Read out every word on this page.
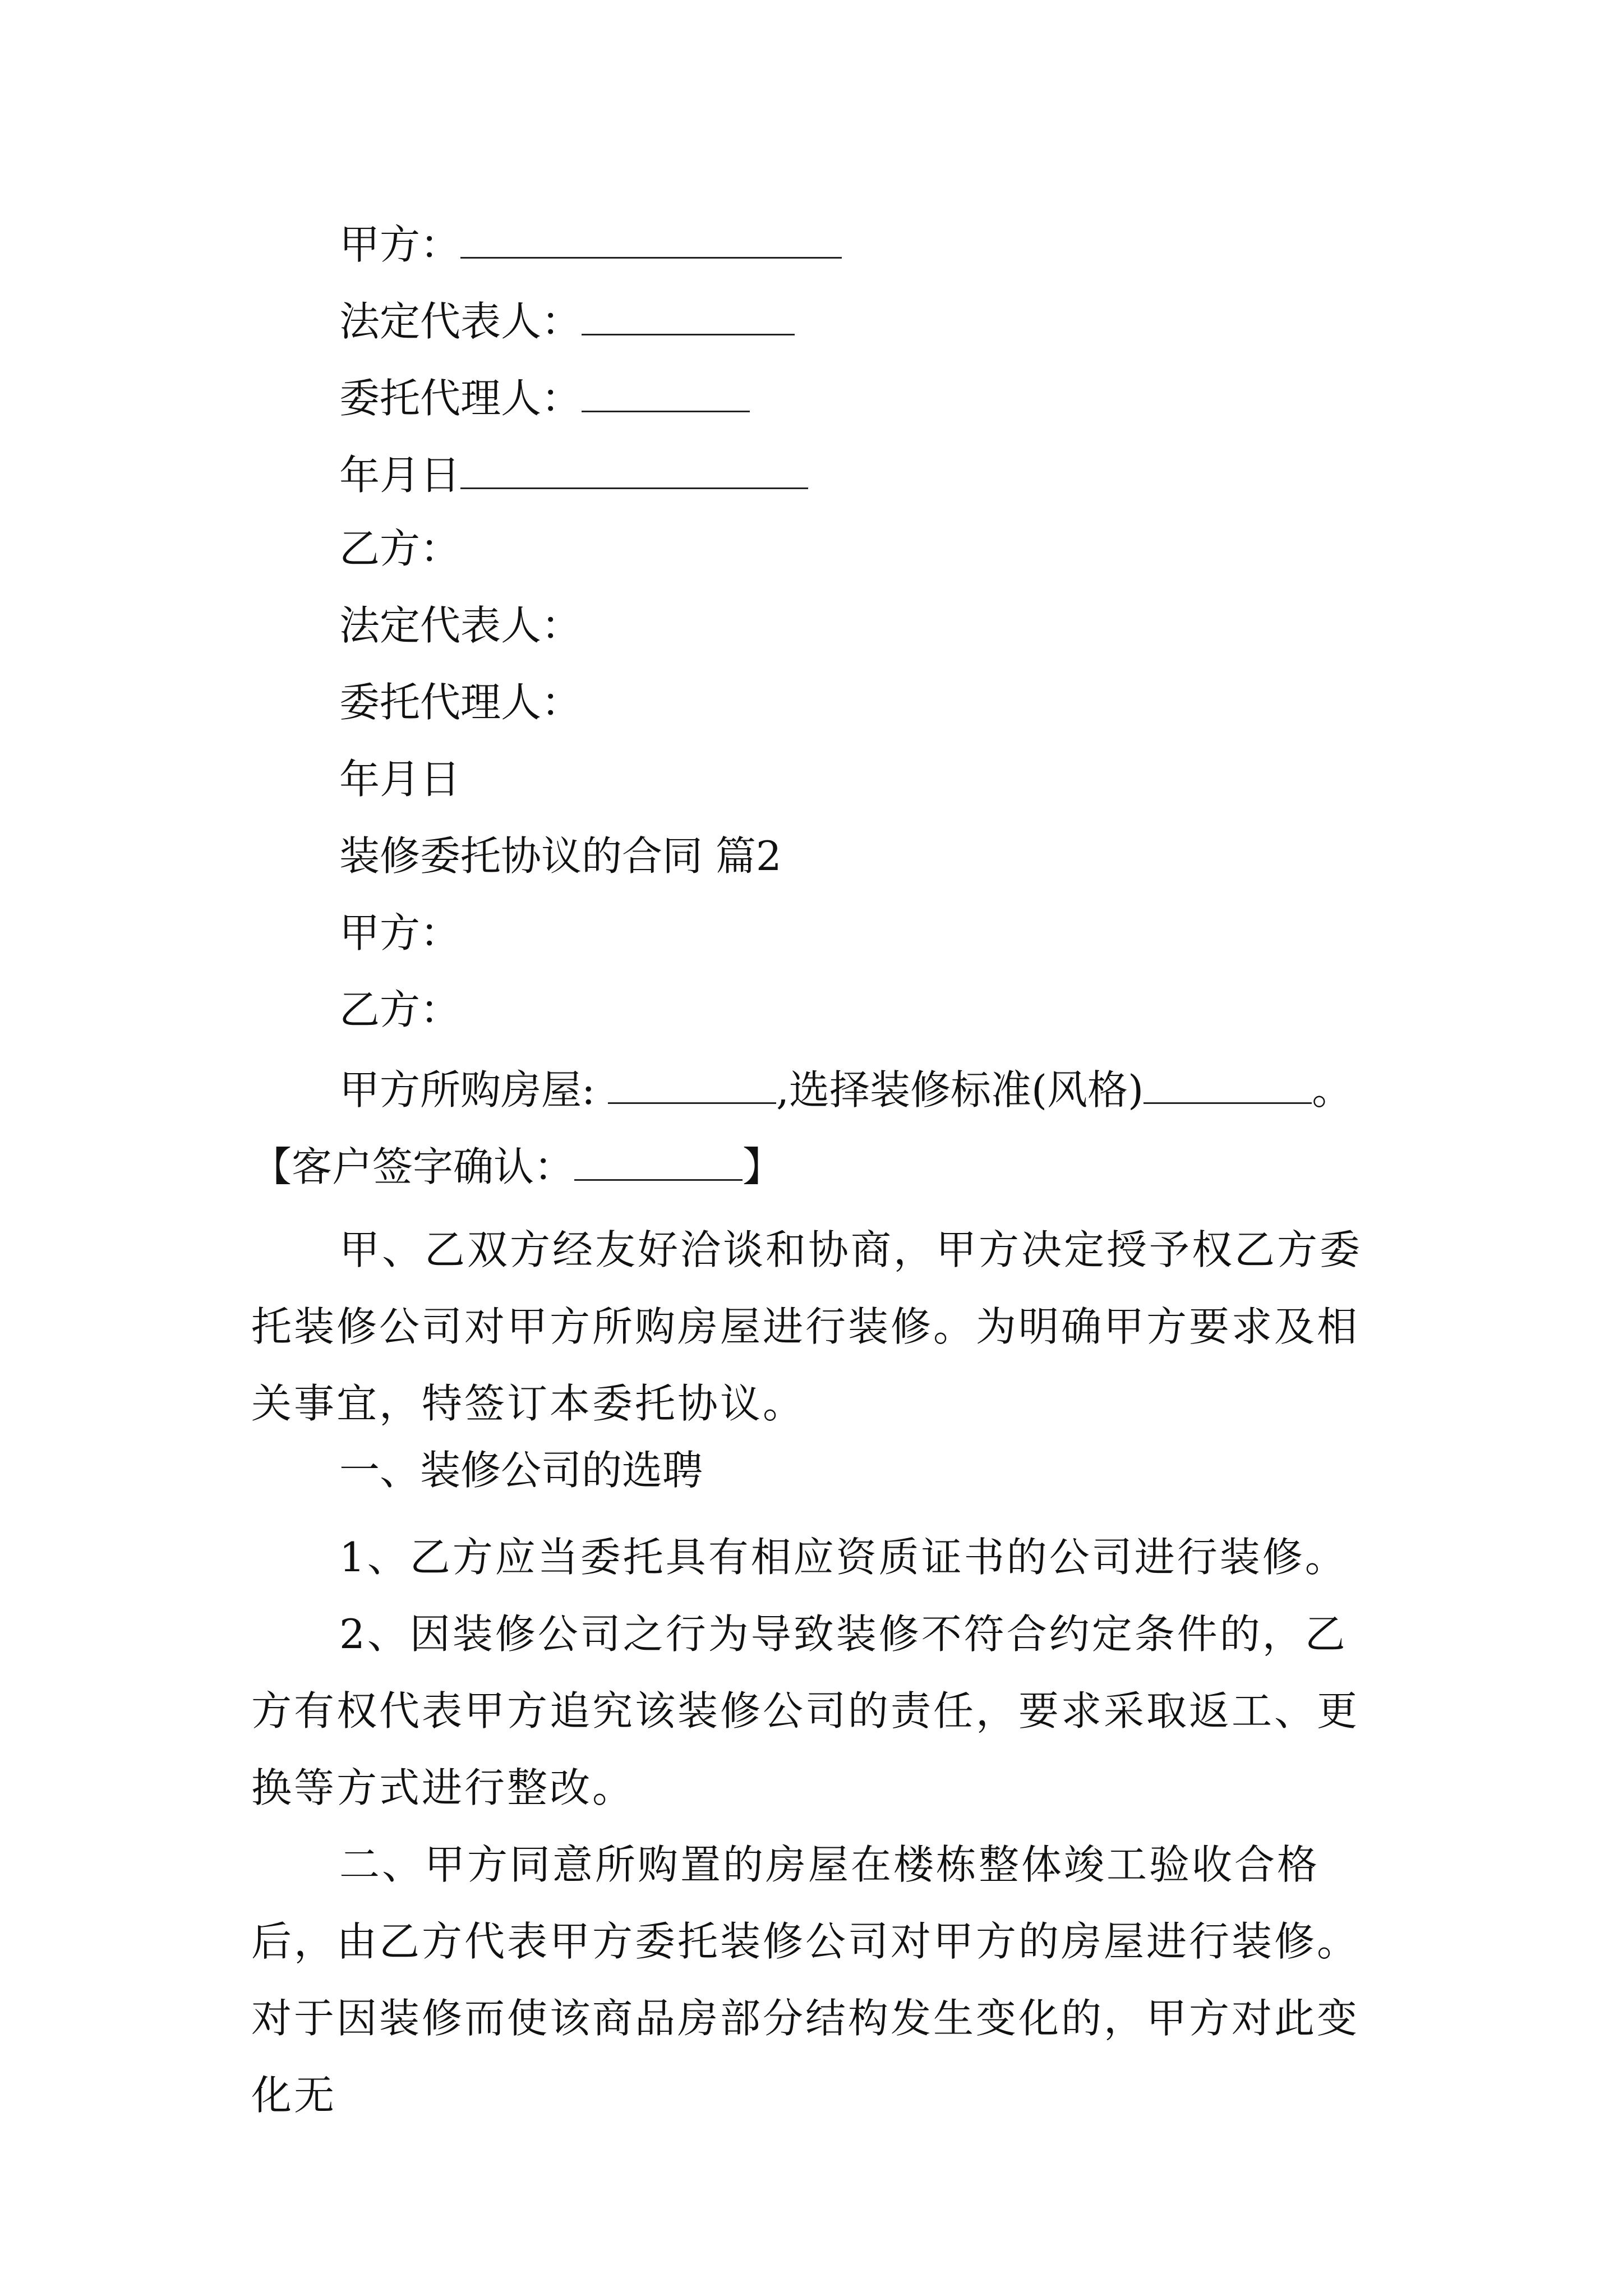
甲方：
法定代表人：
委托代理人：
年月日
乙方：
法定代表人：
委托代理人：
年月日
装修委托协议的合同 篇2
甲方：
乙方：
甲方所购房屋:	,选择装修标准(风格)	。
【客户签字确认：	】

甲、乙双方经友好洽谈和协商，甲方决定授予权乙方委托装修公司对甲方所购房屋进行装修。为明确甲方要求及相关事宜，特签订本委托协议。

一、装修公司的选聘

1、乙方应当委托具有相应资质证书的公司进行装修。

2、因装修公司之行为导致装修不符合约定条件的，乙方有权代表甲方追究该装修公司的责任，要求采取返工、更换等方式进行整改。

二、甲方同意所购置的房屋在楼栋整体竣工验收合格后，由乙方代表甲方委托装修公司对甲方的房屋进行装修。对于因装修而使该商品房部分结构发生变化的，甲方对此变化无
